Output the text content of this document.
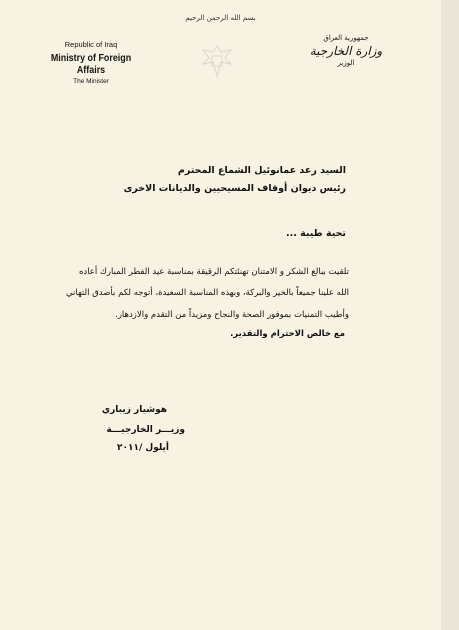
بسم الله الرحمن الرحيم
Republic of Iraq
Ministry of Foreign Affairs
The Minister
جمهورية العراق
وزارة الخارجية
الوزير
السيد رعد عمانوئيل الشماع المحترم
رئيس ديوان أوقاف المسيحيين والديانات الاخرى
تحية طيبة ...
تلقيت ببالغ الشكر و الامتنان تهنئتكم الرقيقة بمناسبة عيد الفطر المبارك أعاده
الله علينا جميعاً بالخير والبركة، وبهذه المناسبة السعيدة، أتوجه لكم بأصدق التهاني
وأطيب التمنيات بموفور الصحة والنجاح ومزيداً من التقدم والازدهار.
مع خالص الاحترام والتقدير.
هوشيار زيباري
وزيـــر الخارجيـــة
أيلول /٢٠١١
